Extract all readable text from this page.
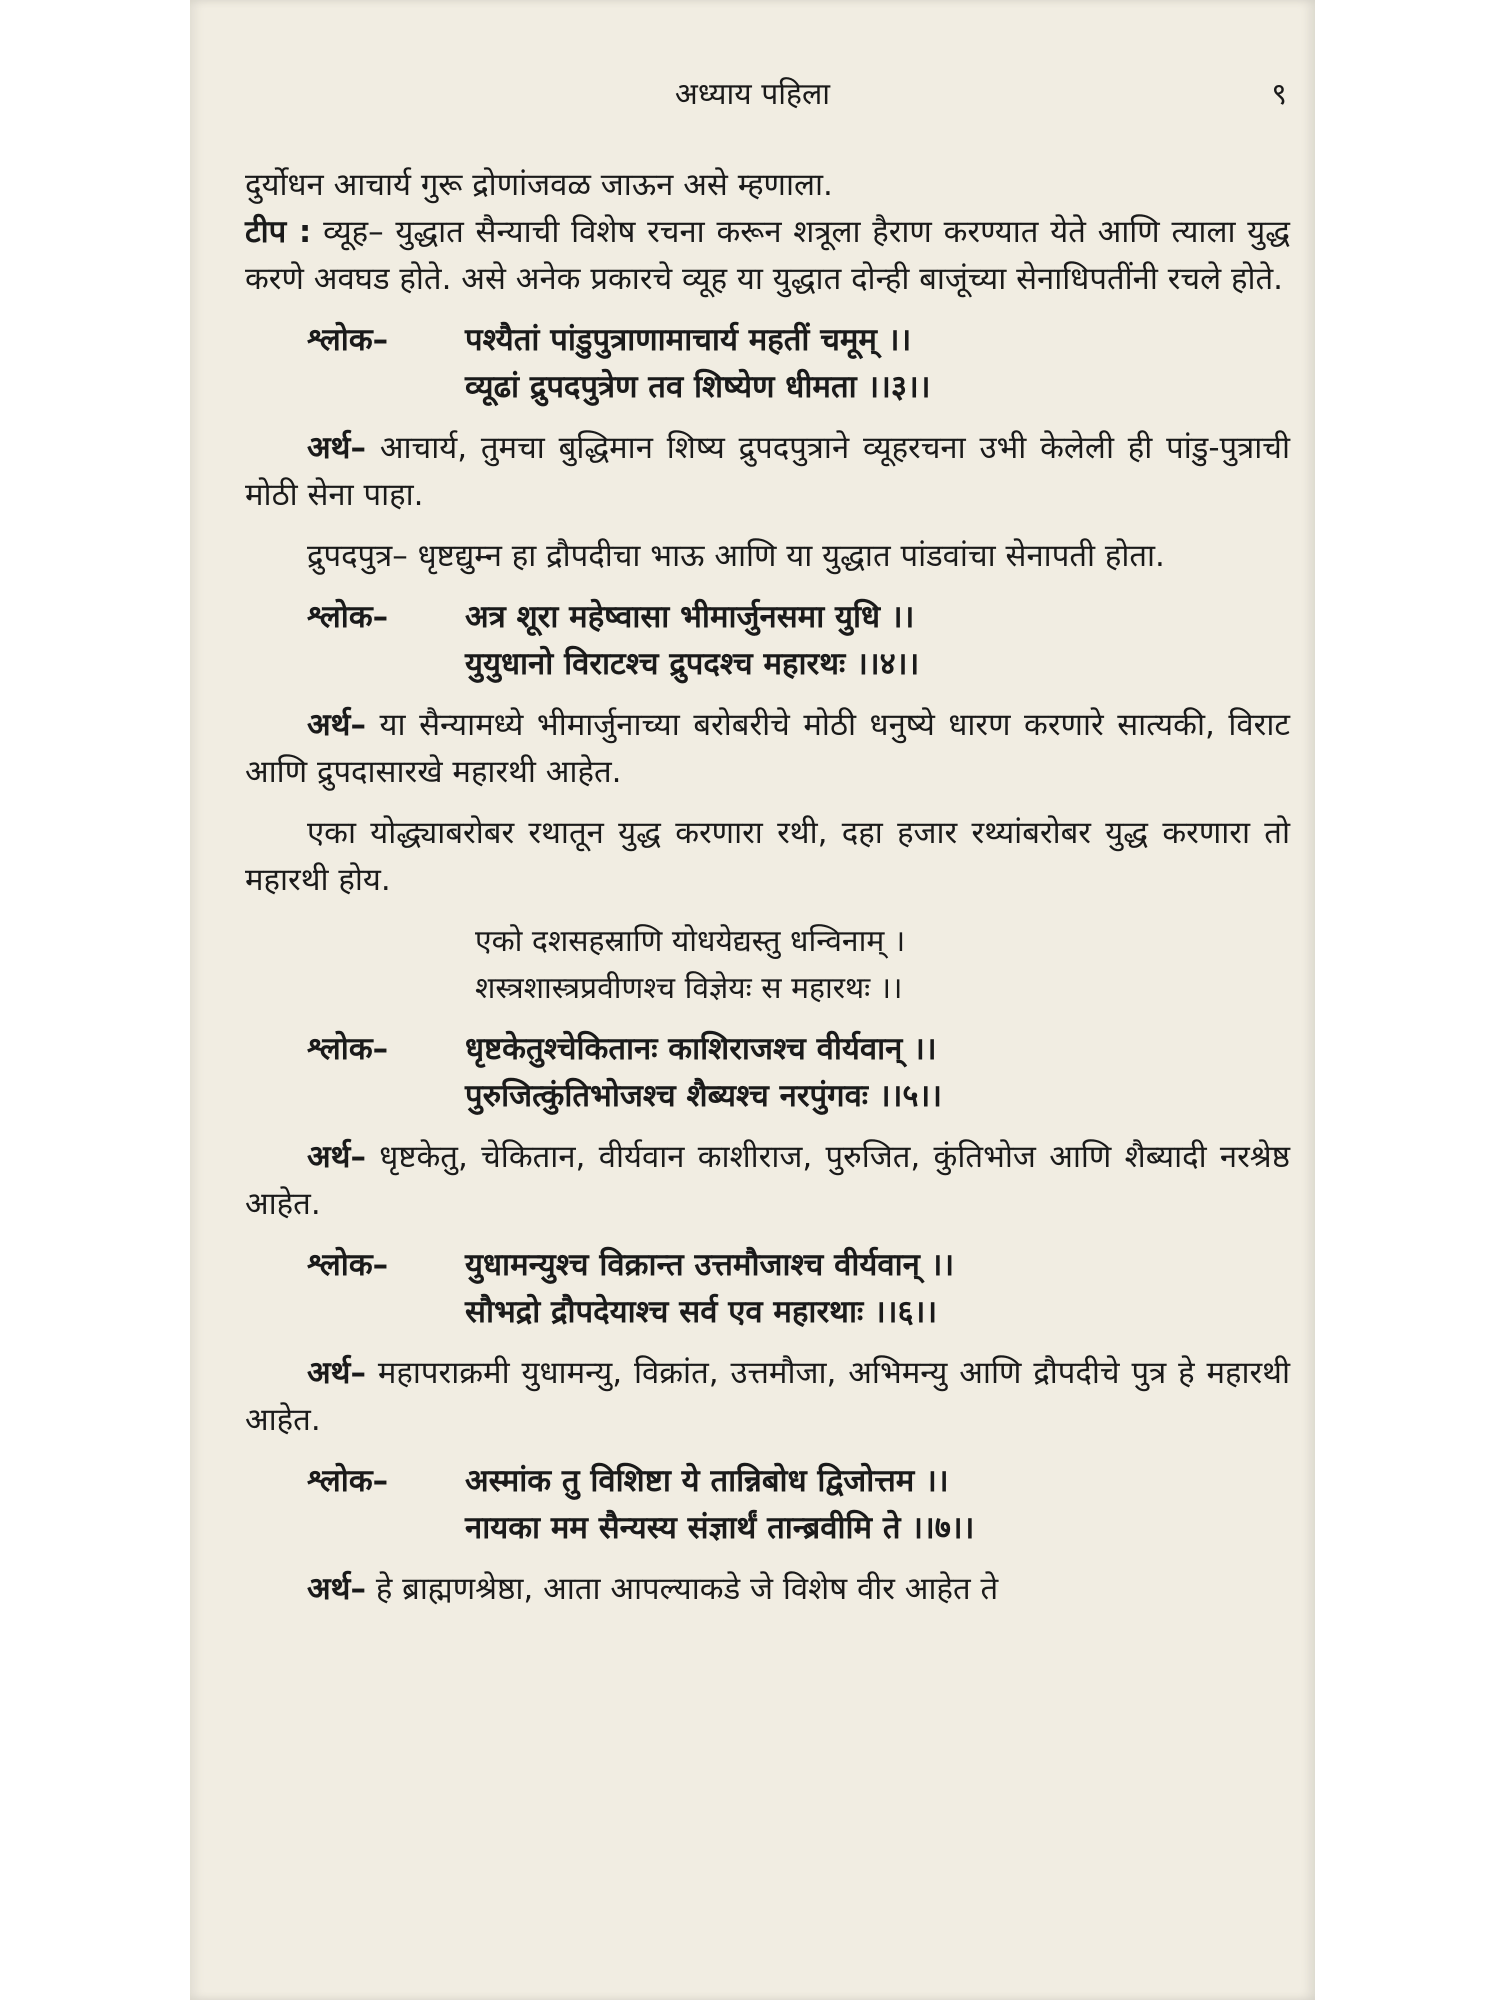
अध्याय पहिला	९

दुर्योधन आचार्य गुरू द्रोणांजवळ जाऊन असे म्हणाला.

टीप : व्यूह– युद्धात सैन्याची विशेष रचना करून शत्रूला हैराण करण्यात येते आणि त्याला युद्ध करणे अवघड होते. असे अनेक प्रकारचे व्यूह या युद्धात दोन्ही बाजूंच्या सेनाधिपतींनी रचले होते.

श्लोक–	पश्यैतां पांडुपुत्राणामाचार्य महतीं चमूम् ।।
व्यूढां द्रुपदपुत्रेण तव शिष्येण धीमता ।।३।।

अर्थ– आचार्य, तुमचा बुद्धिमान शिष्य द्रुपदपुत्राने व्यूहरचना उभी केलेली ही पांडु-पुत्राची मोठी सेना पाहा.

द्रुपदपुत्र– धृष्टद्युम्न हा द्रौपदीचा भाऊ आणि या युद्धात पांडवांचा सेनापती होता.

श्लोक–	अत्र शूरा महेष्वासा भीमार्जुनसमा युधि ।।
युयुधानो विराटश्च द्रुपदश्च महारथः ।।४।।

अर्थ– या सैन्यामध्ये भीमार्जुनाच्या बरोबरीचे मोठी धनुष्ये धारण करणारे सात्यकी, विराट आणि द्रुपदासारखे महारथी आहेत.

एका योद्ध्याबरोबर रथातून युद्ध करणारा रथी, दहा हजार रथ्यांबरोबर युद्ध करणारा तो महारथी होय.

एको दशसहस्राणि योधयेद्यस्तु धन्विनाम् ।
शस्त्रशास्त्रप्रवीणश्च विज्ञेयः स महारथः ।।
श्लोक–	धृष्टकेतुश्चेकितानः काशिराजश्च वीर्यवान् ।।
पुरुजित्कुंतिभोजश्च शैब्यश्च नरपुंगवः ।।५।।

अर्थ– धृष्टकेतु, चेकितान, वीर्यवान काशीराज, पुरुजित, कुंतिभोज आणि शैब्यादी नरश्रेष्ठ आहेत.

श्लोक–	युधामन्युश्च विक्रान्त उत्तमौजाश्च वीर्यवान् ।।
सौभद्रो द्रौपदेयाश्च सर्व एव महारथाः ।।६।।

अर्थ– महापराक्रमी युधामन्यु, विक्रांत, उत्तमौजा, अभिमन्यु आणि द्रौपदीचे पुत्र हे महारथी आहेत.

श्लोक–	अस्मांक तु विशिष्टा ये तान्निबोध द्विजोत्तम ।।
नायका मम सैन्यस्य संज्ञार्थं तान्ब्रवीमि ते ।।७।।

अर्थ– हे ब्राह्मणश्रेष्ठा, आता आपल्याकडे जे विशेष वीर आहेत ते
